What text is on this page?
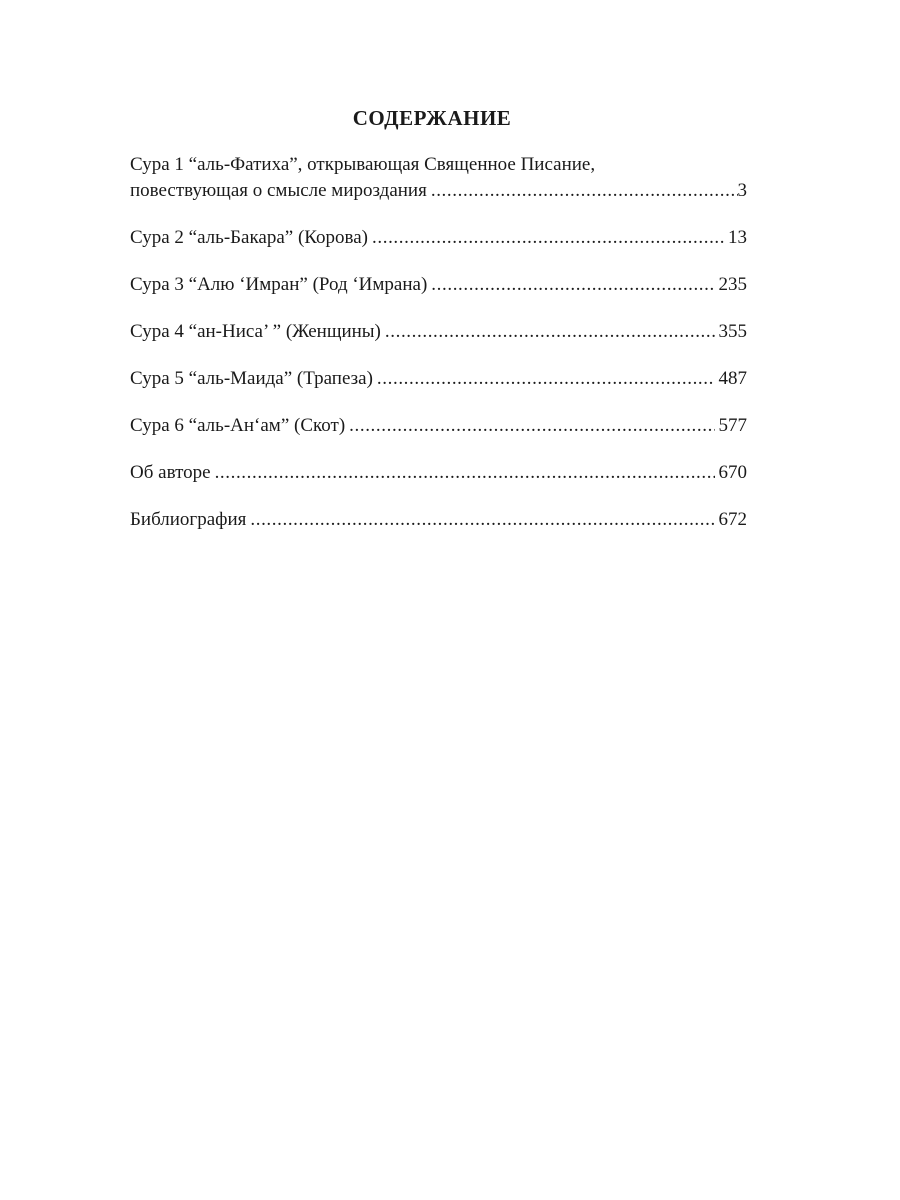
СОДЕРЖАНИЕ
Сура 1 “аль-Фатиха”, открывающая Священное Писание,
повествующая о смысле мироздания .....	3
Сура 2 “аль-Бакара” (Корова) .....	13
Сура 3 “Алю ‘Имран” (Род ‘Имрана) .....	235
Сура 4 “ан-Ниса’ ” (Женщины) .....	355
Сура 5 “аль-Маида” (Трапеза) .....	487
Сура 6 “аль-Ан‘ам” (Скот) .....	577
Об авторе .....	670
Библиография .....	672
